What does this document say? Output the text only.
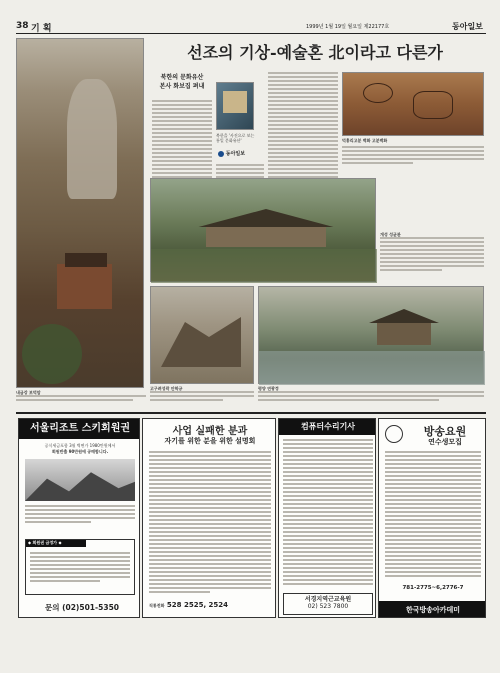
38 기 획	1999년 1월 19일 월요일 제22177호	동아일보
내금강 보덕암
선조의 기상-예술혼 北이라고 다른가
북한의 문화유산
본사 화보집 펴내
북한을 '사진으로 보는
통일 문화유산'
동아일보
덕흥리고분 벽화 고분벽화
개성 성균관
고구려성곽 안학궁	평양 연광정
서울리조트 스키회원권
공식세금포함 3월 벽면가 1980만원에서
회원반출 90만원에 공매합니다.
◆ 회원권 금정가 ◆
문의 (02)501-5350
사업 실패한 분과
자기를 위한 분을 위한 설명회
직통전화 528 2525, 2524
컴퓨터수리기사
서경지역근교육원
02) 523 7800
방송요원
연수생모집
781-2775~6,2776-7
한국방송아카데미
